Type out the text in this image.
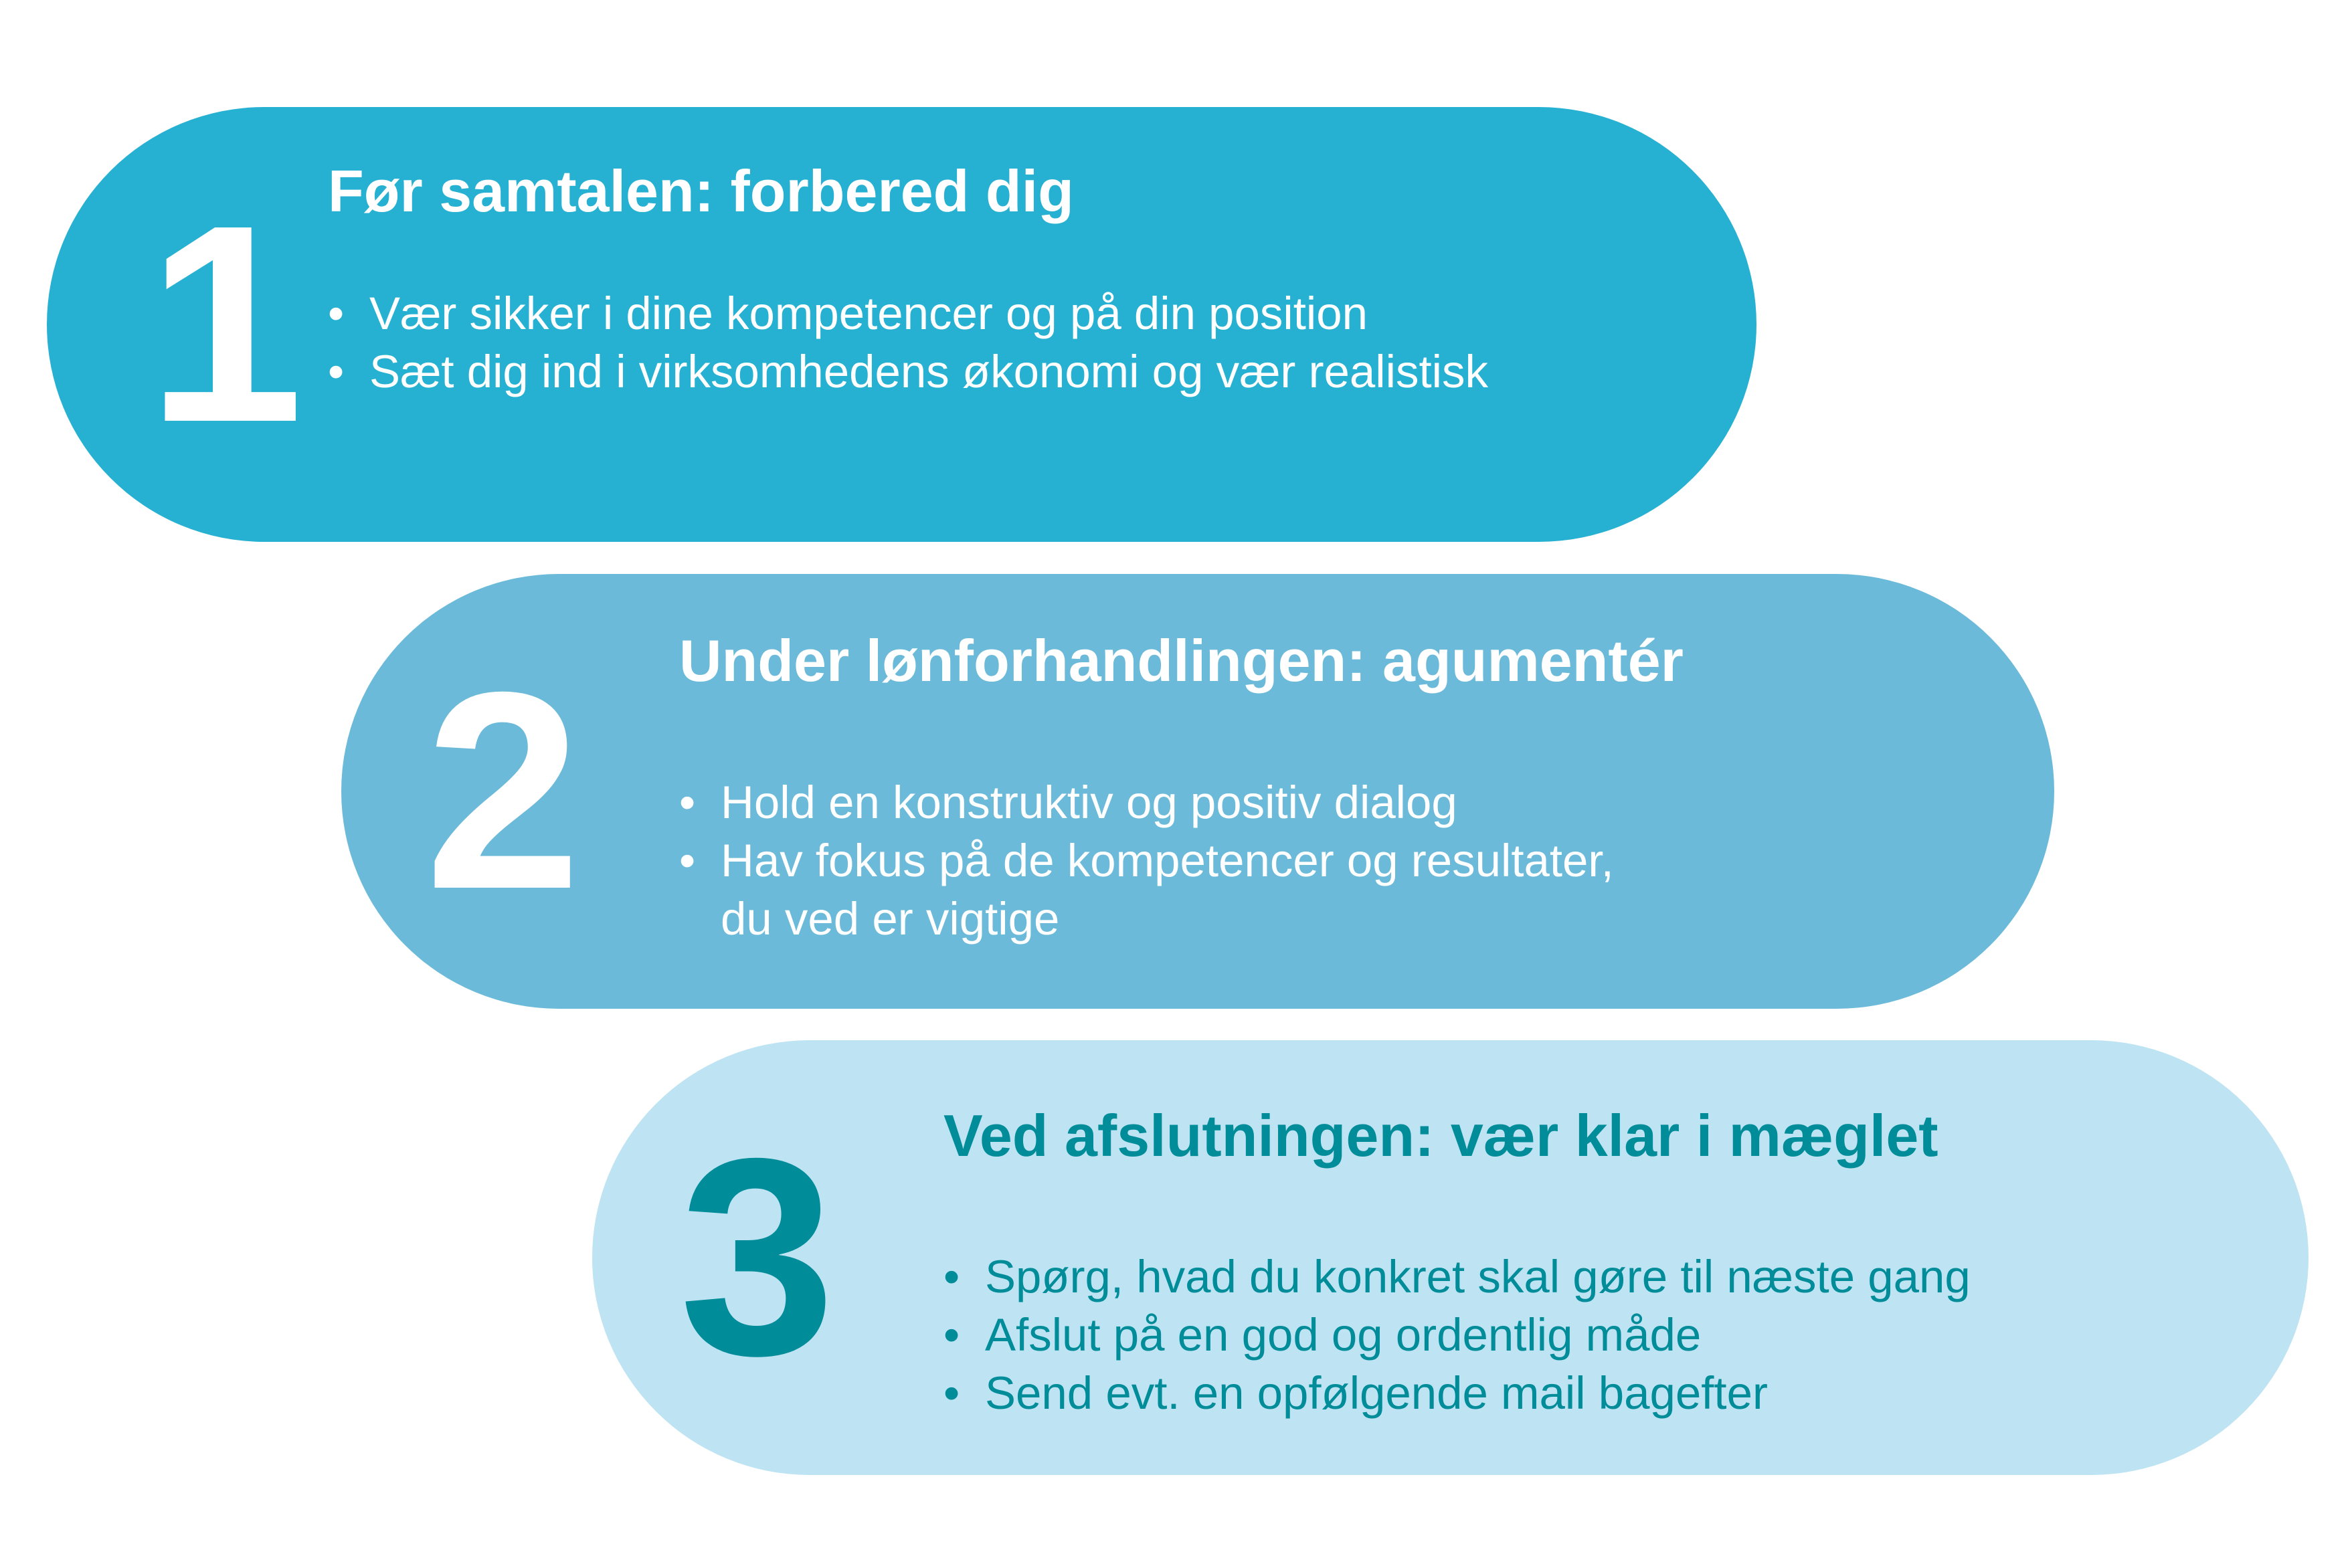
1 Før samtalen: forbered dig
• Vær sikker i dine kompetencer og på din position
• Sæt dig ind i virksomhedens økonomi og vær realistisk
2 Under lønforhandlingen: agumentér
• Hold en konstruktiv og positiv dialog
• Hav fokus på de kompetencer og resultater,
du ved er vigtige
3 Ved afslutningen: vær klar i mæglet
• Spørg, hvad du konkret skal gøre til næste gang
• Afslut på en god og ordentlig måde
• Send evt. en opfølgende mail bagefter
